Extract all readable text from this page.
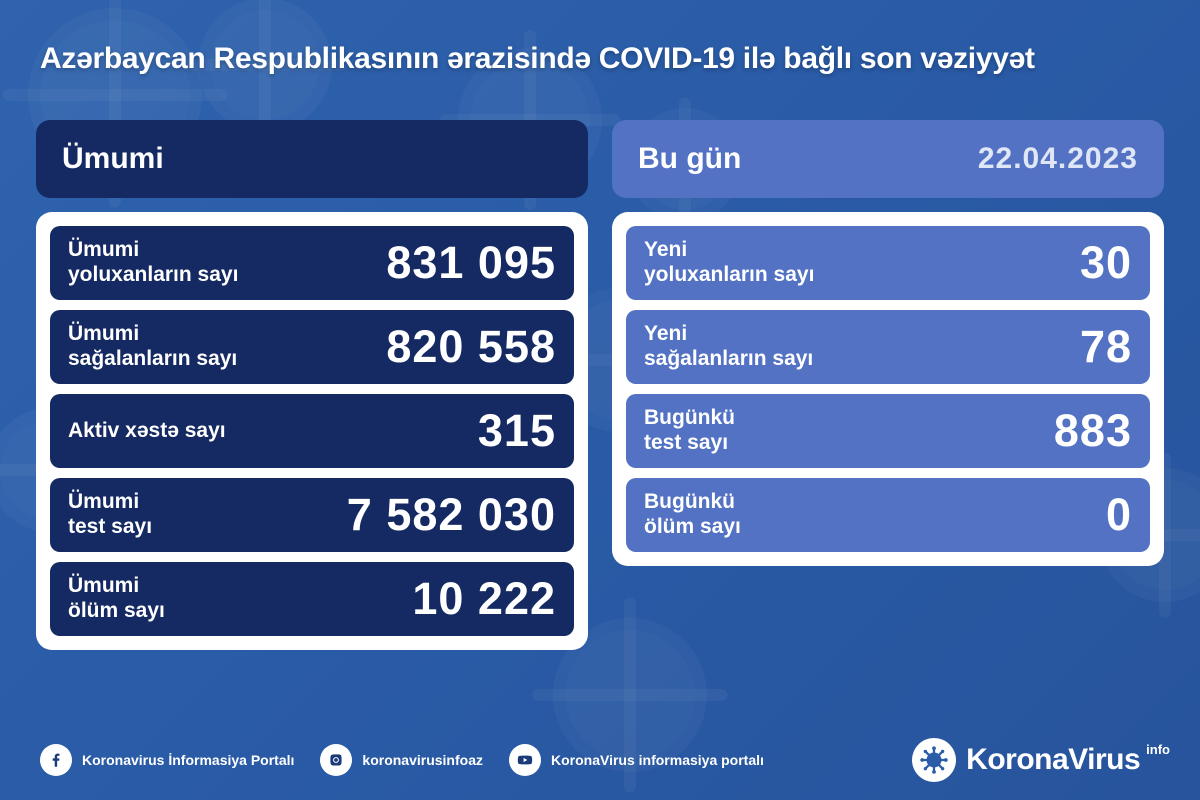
Azərbaycan Respublikasının ərazisində COVID-19 ilə bağlı son vəziyyət
Ümumi
Ümumi
yoluxanların sayı	831 095
Ümumi
sağalanların sayı	820 558
Aktiv xəstə sayı	315
Ümumi
test sayı	7 582 030
Ümumi
ölüm sayı	10 222
Bu gün	22.04.2023
Yeni
yoluxanların sayı	30
Yeni
sağalanların sayı	78
Bugünkü
test sayı	883
Bugünkü
ölüm sayı	0
Koronavirus İnformasiya Portalı	koronavirusinfoaz	KoronaVirus informasiya portalı	KoronaVirus info
